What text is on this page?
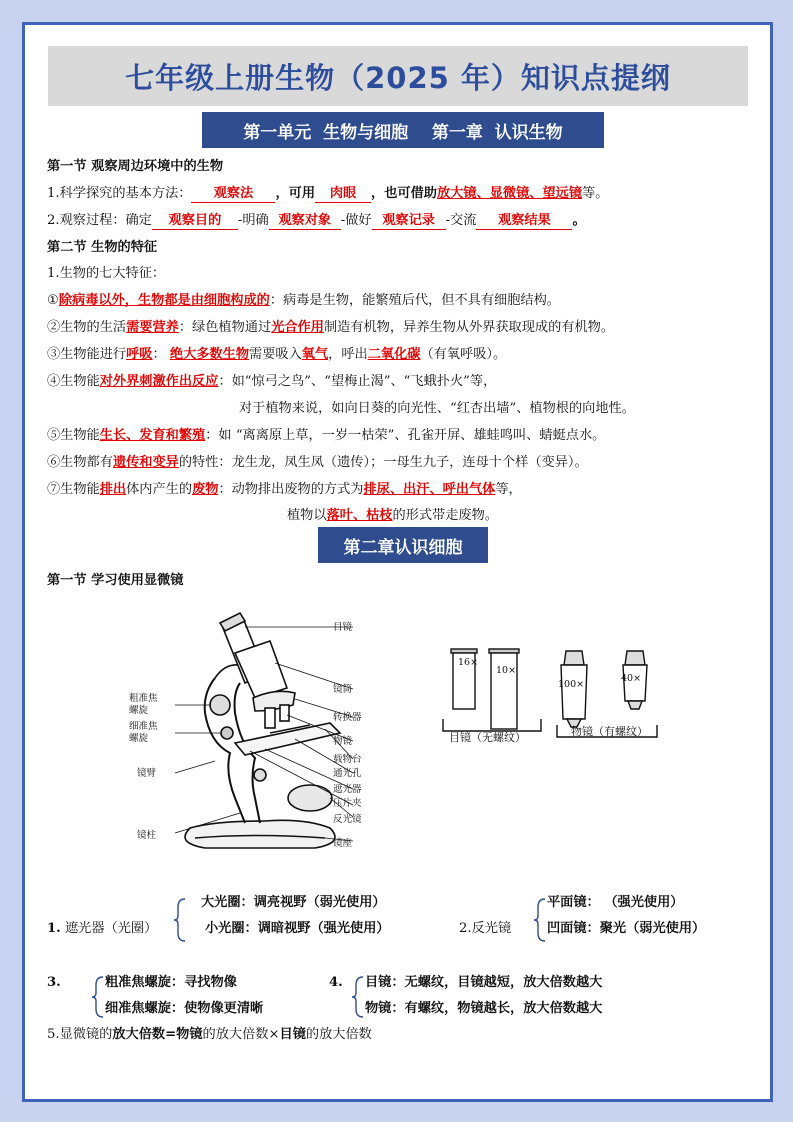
七年级上册生物（2025 年）知识点提纲
第一单元  生物与细胞    第一章  认识生物
第一节 观察周边环境中的生物
1.科学探究的基本方法： 观察法 ，可用 肉眼 ，也可借助放大镜、显微镜、望远镜等。
2.观察过程：确定 观察目的 -明确 观察对象 -做好 观察记录 -交流 观察结果 。
第二节 生物的特征
1.生物的七大特征：
①除病毒以外，生物都是由细胞构成的：病毒是生物，能繁殖后代，但不具有细胞结构。
②生物的生活需要营养：绿色植物通过光合作用制造有机物，异养生物从外界获取现成的有机物。
③生物能进行呼吸： 绝大多数生物需要吸入氧气，呼出二氧化碳（有氧呼吸）。
④生物能对外界刺激作出反应：如“惊弓之鸟”、“望梅止渴”、“飞蛾扑火”等，
对于植物来说，如向日葵的向光性、“红杏出墙”、植物根的向地性。
⑤生物能生长、发育和繁殖：如 “离离原上草，一岁一枯荣”、孔雀开屏、雄蛙鸣叫、蜻蜓点水。
⑥生物都有遗传和变异的特性：龙生龙，凤生凤（遗传）；一母生九子，连母十个样（变异）。
⑦生物能排出体内产生的废物：动物排出废物的方式为排尿、出汗、呼出气体等，
植物以落叶、枯枝的形式带走废物。
第二章认识细胞
第一节 学习使用显微镜
目镜
镜筒
转换器
物镜
载物台
通光孔
遮光器
压片夹
反光镜
镜座
粗准焦
螺旋
细准焦
螺旋
镜臂
镜柱
16×
10×
100×
40×
目镜（无螺纹）	物镜（有螺纹）
大光圈：调亮视野（弱光使用）
1. 遮光器（光圈）	小光圈：调暗视野（强光使用）	2.反光镜
平面镜： （强光使用）
凹面镜：聚光（弱光使用）
3.	粗准焦螺旋：寻找物像
细准焦螺旋：使物像更清晰
4. 目镜：无螺纹，目镜越短，放大倍数越大
物镜：有螺纹，物镜越长，放大倍数越大
5.显微镜的放大倍数=物镜的放大倍数×目镜的放大倍数
